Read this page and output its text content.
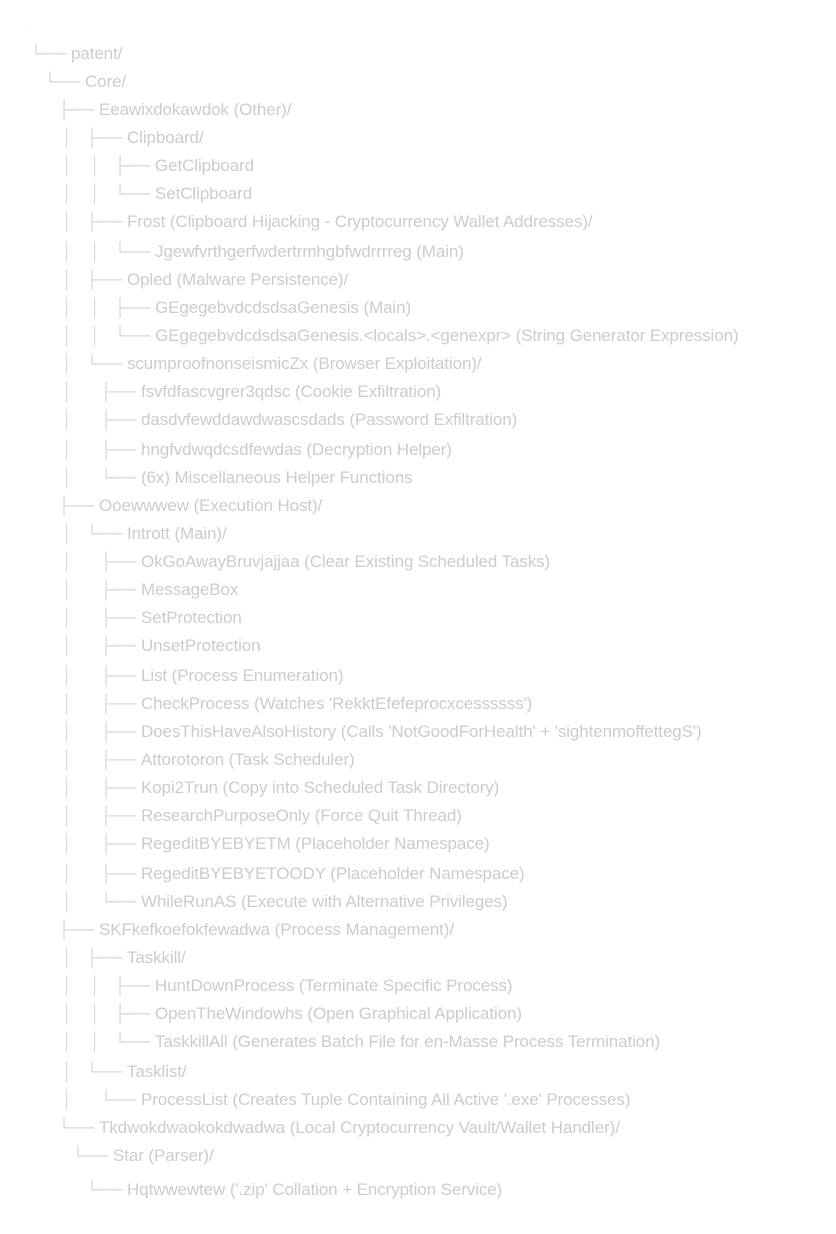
.
└── patent/
└── Core/
├── Eeawixdokawdok (Other)/
│ ├── Clipboard/
│ │ ├── GetClipboard
│ │ └── SetClipboard
│ ├── Frost (Clipboard Hijacking - Cryptocurrency Wallet Addresses)/
│ │ └── Jgewfvrthgerfwdertrmhgbfwdrrrreg (Main)
│ ├── Opled (Malware Persistence)/
│ │ ├── GEgegebvdcdsdsaGenesis (Main)
│ │ └── GEgegebvdcdsdsaGenesis.<locals>.<genexpr> (String Generator Expression)
│ └── scumproofnonseismicZx (Browser Exploitation)/
│ ├── fsvfdfascvgrer3qdsc (Cookie Exfiltration)
│ ├── dasdvfewddawdwascsdads (Password Exfiltration)
│ ├── hngfvdwqdcsdfewdas (Decryption Helper)
│ └── (6x) Miscellaneous Helper Functions
├── Ooewwwew (Execution Host)/
│ └── Intrott (Main)/
│ ├── OkGoAwayBruvjajjaa (Clear Existing Scheduled Tasks)
│ ├── MessageBox
│ ├── SetProtection
│ ├── UnsetProtection
│ ├── List (Process Enumeration)
│ ├── CheckProcess (Watches 'RekktEfefeprocxcessssss')
│ ├── DoesThisHaveAlsoHistory (Calls 'NotGoodForHealth' + 'sightenmoffettegS')
│ ├── Attorotoron (Task Scheduler)
│ ├── Kopi2Trun (Copy into Scheduled Task Directory)
│ ├── ResearchPurposeOnly (Force Quit Thread)
│ ├── RegeditBYEBYETM (Placeholder Namespace)
│ ├── RegeditBYEBYETOODY (Placeholder Namespace)
│ └── WhileRunAS (Execute with Alternative Privileges)
├── SKFkefkoefokfewadwa (Process Management)/
│ ├── Taskkill/
│ │ ├── HuntDownProcess (Terminate Specific Process)
│ │ ├── OpenTheWindowhs (Open Graphical Application)
│ │ └── TaskkillAll (Generates Batch File for en-Masse Process Termination)
│ └── Tasklist/
│ └── ProcessList (Creates Tuple Containing All Active '.exe' Processes)
└── Tkdwokdwaokokdwadwa (Local Cryptocurrency Vault/Wallet Handler)/
└── Star (Parser)/
└── Hqtwwewtew ('.zip' Collation + Encryption Service)
